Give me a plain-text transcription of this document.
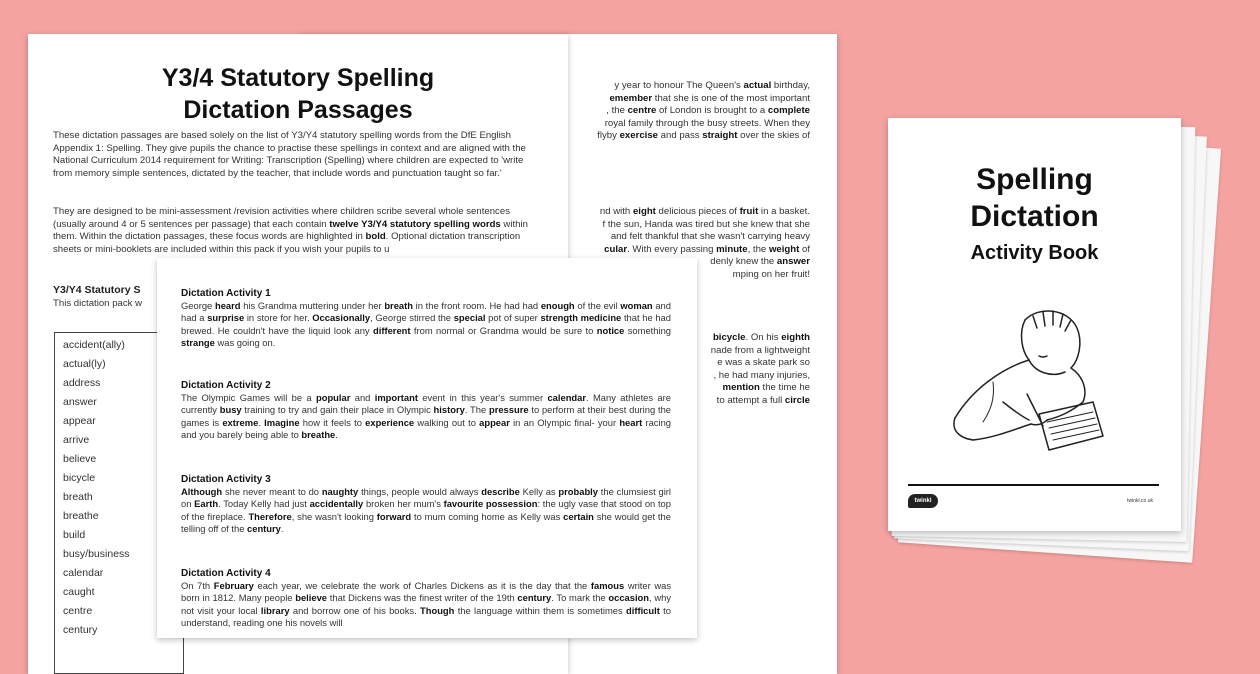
y year to honour The Queen's actual birthday,
emember that she is one of the most important
, the centre of London is brought to a complete
royal family through the busy streets. When they
flyby exercise and pass straight over the skies of
nd with eight delicious pieces of fruit in a basket.
f the sun, Handa was tired but she knew that she
and felt thankful that she wasn't carrying heavy
cular. With every passing minute, the weight of
denly knew the answer
mping on her fruit!
bicycle. On his eighth
nade from a lightweight
e was a skate park so
, he had many injuries,
mention the time he
to attempt a full circle
Y3/4 Statutory Spelling
Dictation Passages

These dictation passages are based solely on the list of Y3/Y4 statutory spelling words from the DfE English Appendix 1: Spelling. They give pupils the chance to practise these spellings in context and are aligned with the National Curriculum 2014 requirement for Writing: Transcription (Spelling) where children are expected to 'write from memory simple sentences, dictated by the teacher, that include words and punctuation taught so far.'

They are designed to be mini-assessment /revision activities where children scribe several whole sentences (usually around 4 or 5 sentences per passage) that each contain twelve Y3/Y4 statutory spelling words within them. Within the dictation passages, these focus words are highlighted in bold. Optional dictation transcription sheets or mini-booklets are included within this pack if you wish your pupils to u

Y3/Y4 Statutory S
This dictation pack w
accident(ally)
actual(ly)
address
answer
appear
arrive
believe
bicycle
breath
breathe
build
busy/business
calendar
caught
centre
century
Dictation Activity 1
George heard his Grandma muttering under her breath in the front room. He had had enough of the evil woman and had a surprise in store for her. Occasionally, George stirred the special pot of super strength medicine that he had brewed. He couldn't have the liquid look any different from normal or Grandma would be sure to notice something strange was going on.
Dictation Activity 2
The Olympic Games will be a popular and important event in this year's summer calendar. Many athletes are currently busy training to try and gain their place in Olympic history. The pressure to perform at their best during the games is extreme. Imagine how it feels to experience walking out to appear in an Olympic final- your heart racing and you barely being able to breathe.
Dictation Activity 3
Although she never meant to do naughty things, people would always describe Kelly as probably the clumsiest girl on Earth. Today Kelly had just accidentally broken her mum's favourite possession: the ugly vase that stood on top of the fireplace. Therefore, she wasn't looking forward to mum coming home as Kelly was certain she would get the telling off of the century.
Dictation Activity 4
On 7th February each year, we celebrate the work of Charles Dickens as it is the day that the famous writer was born in 1812. Many people believe that Dickens was the finest writer of the 19th century. To mark the occasion, why not visit your local library and borrow one of his books. Though the language within them is sometimes difficult to understand, reading one his novels will
Spelling
Dictation
Activity Book
twinkl	twinkl.co.uk
